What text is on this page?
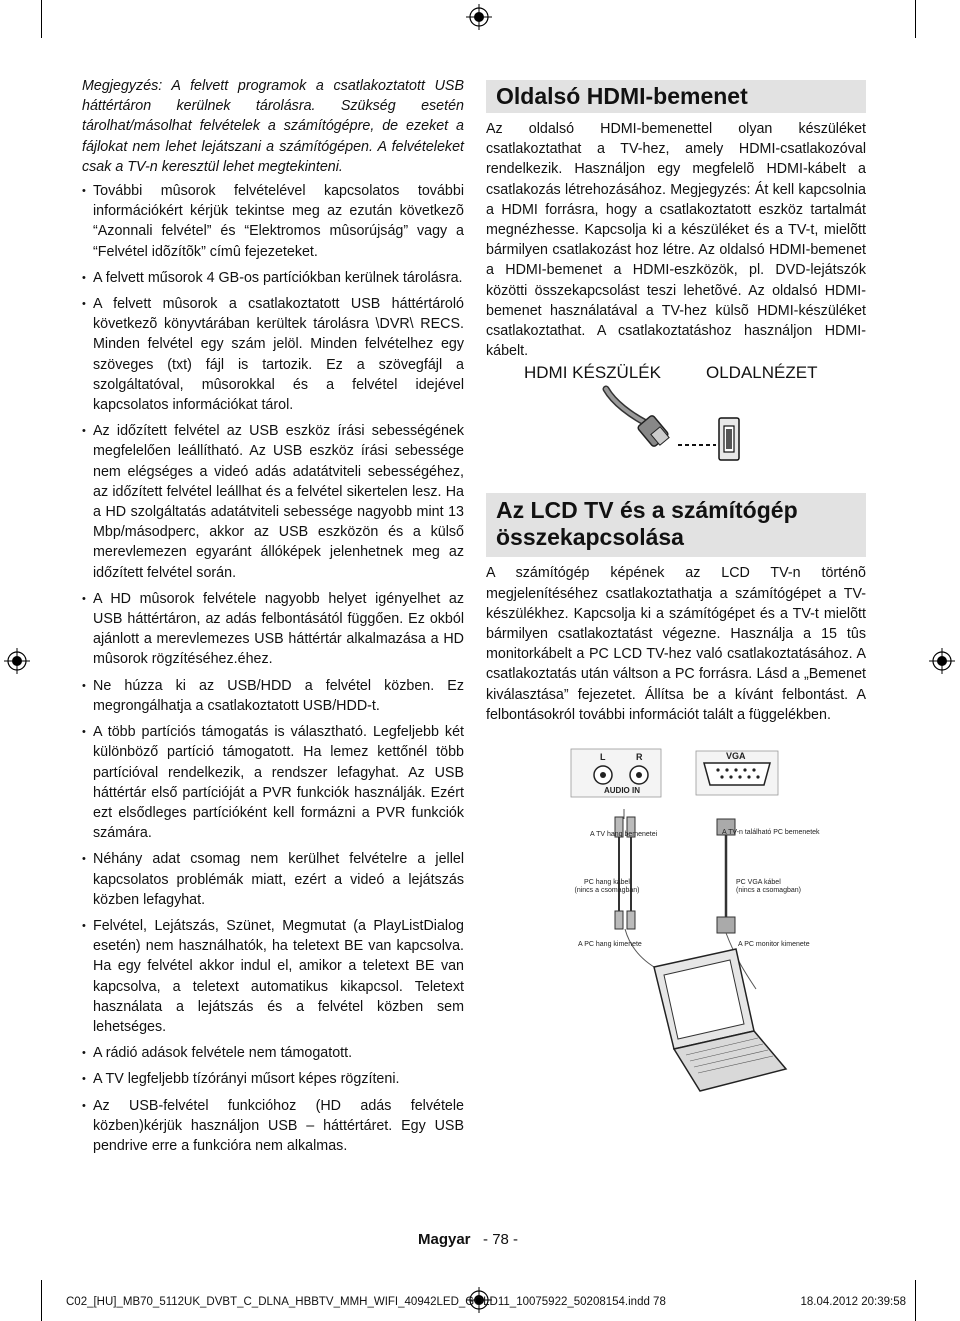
Megjegyzés: A felvett programok a csatlakoztatott USB háttértáron kerülnek tárolásra. Szükség esetén tárolhat/másolhat felvételek a számítógépre, de ezeket a fájlokat nem lehet lejátszani a számítógépen. A felvételeket csak a TV-n keresztül lehet megtekinteni.

• További mûsorok felvételével kapcsolatos további információkért kérjük tekintse meg az ezután következõ “Azonnali felvétel” és “Elektromos mûsorújság” vagy a “Felvétel idõzítõk” címû fejezeteket.
• A felvett műsorok 4 GB-os partíciókban kerülnek tárolásra.
• A felvett mûsorok a csatlakoztatott USB háttértároló következõ könyvtárában kerültek tárolásra \DVR\ RECS. Minden felvétel egy szám jelöl. Minden felvételhez egy szöveges (txt) fájl is tartozik. Ez a szövegfájl a szolgáltatóval, mûsorokkal és a felvétel idejével kapcsolatos információkat tárol.
• Az időzített felvétel az USB eszköz írási sebességének megfelelően leállítható. Az USB eszköz írási sebessége nem elégséges a videó adás adatátviteli sebességéhez, az időzített felvétel leállhat és a felvétel sikertelen lesz. Ha a HD szolgáltatás adatátviteli sebessége nagyobb mint 13 Mbp/másodperc, akkor az USB eszközön és a külső merevlemezen egyaránt állóképek jelenhetnek meg az időzített felvétel során.
• A HD mûsorok felvétele nagyobb helyet igényelhet az USB háttértáron, az adás felbontásától függően. Ez okból ajánlott a merevlemezes USB háttértár alkalmazása a HD mûsorok rögzítéséhez.éhez.
• Ne húzza ki az USB/HDD a felvétel közben. Ez megrongálhatja a csatlakoztatott USB/HDD-t.
• A több partíciós támogatás is választható. Legfeljebb két különböző partíció támogatott. Ha lemez kettőnél több partícióval rendelkezik, a rendszer lefagyhat. Az USB háttértár első partícióját a PVR funkciók használják. Ezért ezt elsődleges partícióként kell formázni a PVR funkciók számára.
• Néhány adat csomag nem kerülhet felvételre a jellel kapcsolatos problémák miatt, ezért a videó a lejátszás közben lefagyhat.
• Felvétel, Lejátszás, Szünet, Megmutat (a PlayListDialog esetén) nem használhatók, ha teletext BE van kapcsolva. Ha egy felvétel akkor indul el, amikor a teletext BE van kapcsolva, a teletext automatikus kikapcsol. Teletext használata a lejátszás és a felvétel közben sem lehetséges.
• A rádió adások felvétele nem támogatott.
• A TV legfeljebb tízórányi műsort képes rögzíteni.
• Az USB-felvétel funkcióhoz (HD adás felvétele közben)kérjük használjon USB – háttértáret. Egy USB pendrive erre a funkcióra nem alkalmas.
Oldalsó HDMI-bemenet

Az oldalsó HDMI-bemenettel olyan készüléket csatlakoztathat a TV-hez, amely HDMI-csatlakozóval rendelkezik. Használjon egy megfelelõ HDMI-kábelt a csatlakozás létrehozásához. Megjegyzés: Át kell kapcsolnia a HDMI forrásra, hogy a csatlakoztatott eszköz tartalmát megnézhesse. Kapcsolja ki a készüléket és a TV-t, mielõtt bármilyen csatlakozást hoz létre. Az oldalsó HDMI-bemenet a HDMI-bemenet a HDMI-eszközök, pl. DVD-lejátszók közötti összekapcsolást teszi lehetõvé. Az oldalsó HDMI-bemenet használatával a TV-hez külsõ HDMI-készüléket csatlakoztathat. A csatlakoztatáshoz használjon HDMI-kábelt.

HDMI KÉSZÜLÉK	OLDALNÉZET
Az LCD TV és a számítógép
összekapcsolása

A számítógép képének az LCD TV-n történõ megjelenítéséhez csatlakoztathatja a számítógépet a TV-készülékhez. Kapcsolja ki a számítógépet és a TV-t mielõtt bármilyen csatlakoztatást végezne. Használja a 15 tûs monitorkábelt a PC LCD TV-hez való csatlakoztatásához. A csatlakoztatás után váltson a PC forrásra. Lásd a „Bemenet kiválasztása” fejezetet. Állítsa be a kívánt felbontást. A felbontásokról további információt talált a függelékben.

L	R	VGA
AUDIO IN
A TV hang bemenetei	A TV-n található PC bemenetek
PC hang kábel
(nincs a csomagban)
PC VGA kábel
(nincs a csomagban)
A PC hang kimenete	A PC monitor kimenete
Magyar - 78 -
C02_[HU]_MB70_5112UK_DVBT_C_DLNA_HBBTV_MMH_WIFI_40942LED_GOLD11_10075922_50208154.indd 78	18.04.2012 20:39:58
